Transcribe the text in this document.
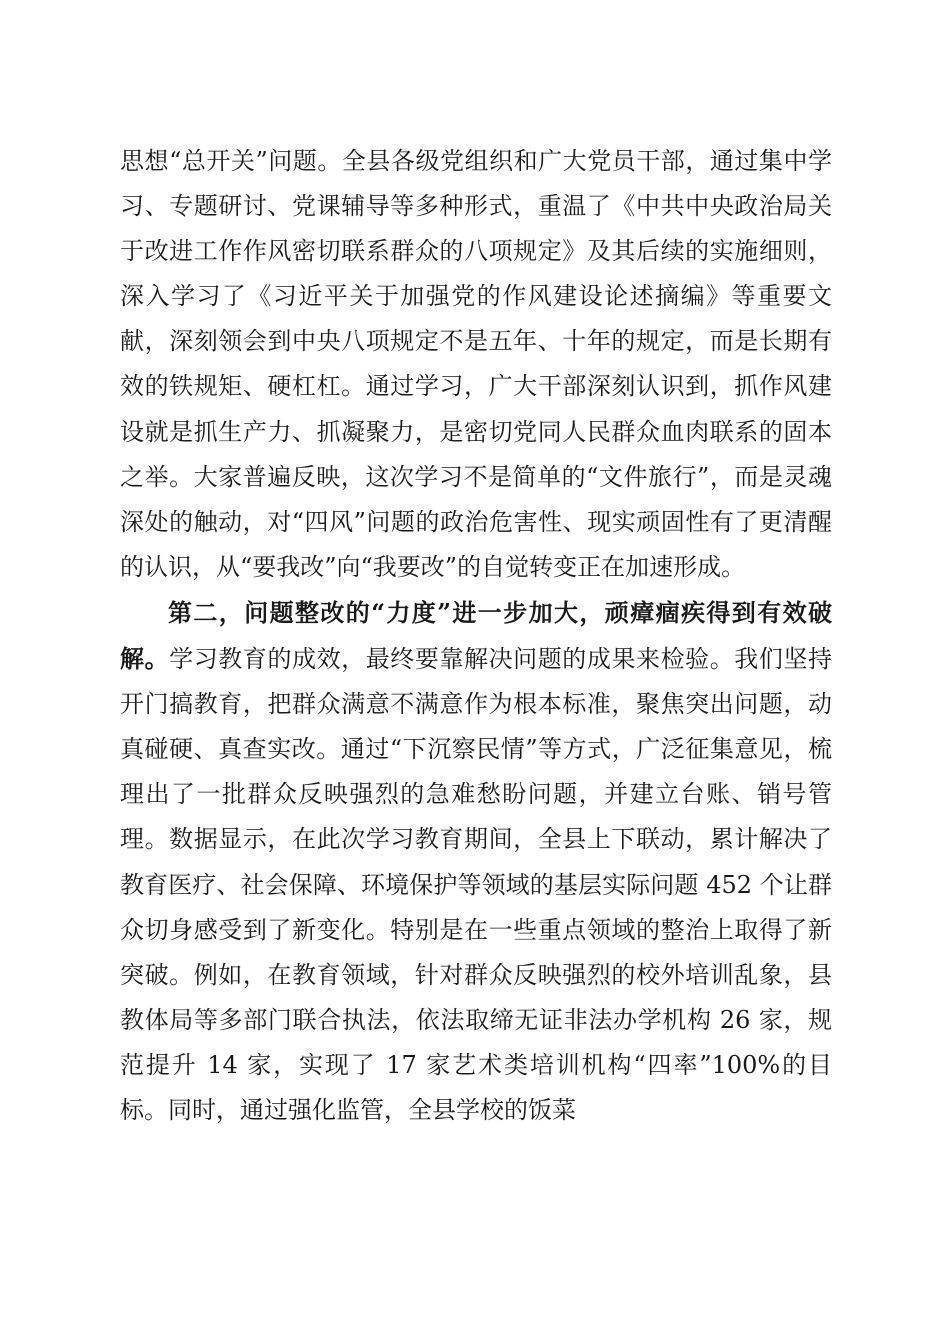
思想“总开关”问题。全县各级党组织和广大党员干部，通过集中学习、专题研讨、党课辅导等多种形式，重温了《中共中央政治局关于改进工作作风密切联系群众的八项规定》及其后续的实施细则，深入学习了《习近平关于加强党的作风建设论述摘编》等重要文献，深刻领会到中央八项规定不是五年、十年的规定，而是长期有效的铁规矩、硬杠杠。通过学习，广大干部深刻认识到，抓作风建设就是抓生产力、抓凝聚力，是密切党同人民群众血肉联系的固本之举。大家普遍反映，这次学习不是简单的“文件旅行”，而是灵魂深处的触动，对“四风”问题的政治危害性、现实顽固性有了更清醒的认识，从“要我改”向“我要改”的自觉转变正在加速形成。

第二，问题整改的“力度”进一步加大，顽瘴痼疾得到有效破解。学习教育的成效，最终要靠解决问题的成果来检验。我们坚持开门搞教育，把群众满意不满意作为根本标准，聚焦突出问题，动真碰硬、真查实改。通过“下沉察民情”等方式，广泛征集意见，梳理出了一批群众反映强烈的急难愁盼问题，并建立台账、销号管理。数据显示，在此次学习教育期间，全县上下联动，累计解决了教育医疗、社会保障、环境保护等领域的基层实际问题 452 个让群众切身感受到了新变化。特别是在一些重点领域的整治上取得了新突破。例如，在教育领域，针对群众反映强烈的校外培训乱象，县教体局等多部门联合执法，依法取缔无证非法办学机构 26 家，规范提升 14 家，实现了 17 家艺术类培训机构“四率”100%的目标。同时，通过强化监管，全县学校的饭菜
